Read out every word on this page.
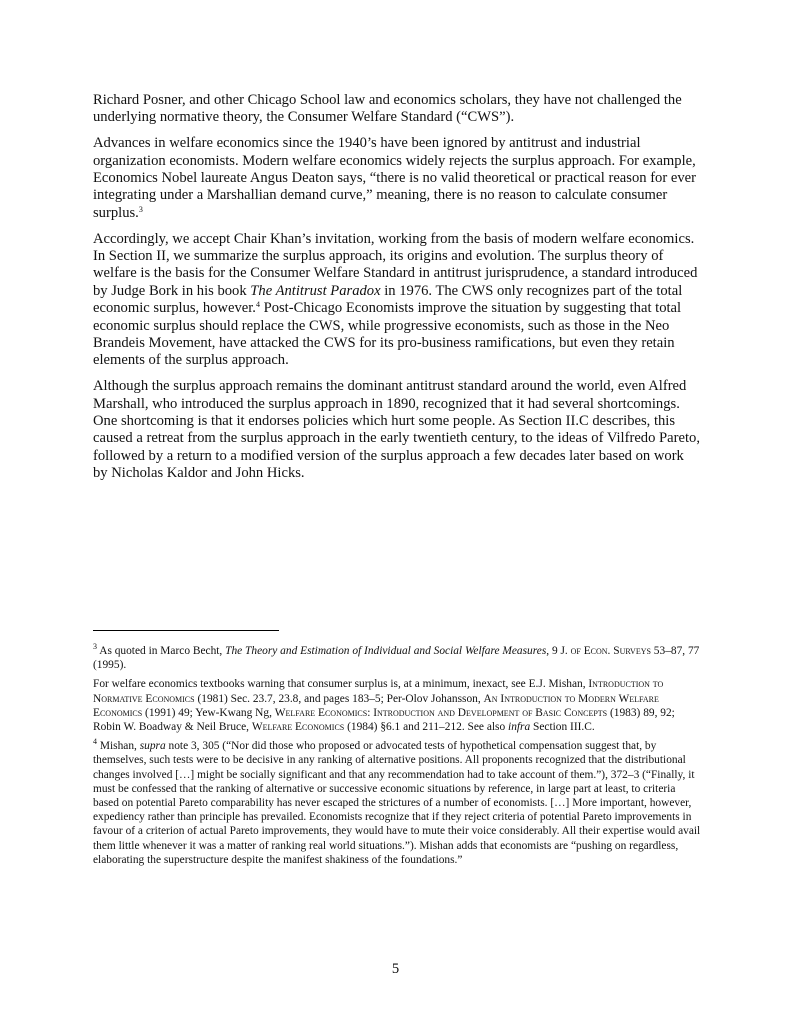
Richard Posner, and other Chicago School law and economics scholars, they have not challenged the underlying normative theory, the Consumer Welfare Standard (“CWS”).

Advances in welfare economics since the 1940’s have been ignored by antitrust and industrial organization economists. Modern welfare economics widely rejects the surplus approach. For example, Economics Nobel laureate Angus Deaton says, “there is no valid theoretical or practical reason for ever integrating under a Marshallian demand curve,” meaning, there is no reason to calculate consumer surplus.$^3$

Accordingly, we accept Chair Khan’s invitation, working from the basis of modern welfare economics. In Section II, we summarize the surplus approach, its origins and evolution. The surplus theory of welfare is the basis for the Consumer Welfare Standard in antitrust jurisprudence, a standard introduced by Judge Bork in his book The Antitrust Paradox in 1976. The CWS only recognizes part of the total economic surplus, however.$^4$ Post-Chicago Economists improve the situation by suggesting that total economic surplus should replace the CWS, while progressive economists, such as those in the Neo Brandeis Movement, have attacked the CWS for its pro-business ramifications, but even they retain elements of the surplus approach.

Although the surplus approach remains the dominant antitrust standard around the world, even Alfred Marshall, who introduced the surplus approach in 1890, recognized that it had several shortcomings. One shortcoming is that it endorses policies which hurt some people. As Section II.C describes, this caused a retreat from the surplus approach in the early twentieth century, to the ideas of Vilfredo Pareto, followed by a return to a modified version of the surplus approach a few decades later based on work by Nicholas Kaldor and John Hicks.

$^3$ As quoted in Marco Becht, The Theory and Estimation of Individual and Social Welfare Measures, 9 J. of Econ. Surveys 53–87, 77 (1995).

For welfare economics textbooks warning that consumer surplus is, at a minimum, inexact, see E.J. Mishan, Introduction to Normative Economics (1981) Sec. 23.7, 23.8, and pages 183–5; Per-Olov Johansson, An Introduction to Modern Welfare Economics (1991) 49; Yew-Kwang Ng, Welfare Economics: Introduction and Development of Basic Concepts (1983) 89, 92; Robin W. Boadway & Neil Bruce, Welfare Economics (1984) §6.1 and 211–212. See also infra Section III.C.

$^4$ Mishan, supra note 3, 305 (“Nor did those who proposed or advocated tests of hypothetical compensation suggest that, by themselves, such tests were to be decisive in any ranking of alternative positions. All proponents recognized that the distributional changes involved […] might be socially significant and that any recommendation had to take account of them.”), 372–3 (“Finally, it must be confessed that the ranking of alternative or successive economic situations by reference, in large part at least, to criteria based on potential Pareto comparability has never escaped the strictures of a number of economists. […] More important, however, expediency rather than principle has prevailed. Economists recognize that if they reject criteria of potential Pareto improvements in favour of a criterion of actual Pareto improvements, they would have to mute their voice considerably. All their expertise would avail them little whenever it was a matter of ranking real world situations.”). Mishan adds that economists are “pushing on regardless, elaborating the superstructure despite the manifest shakiness of the foundations.”

5
